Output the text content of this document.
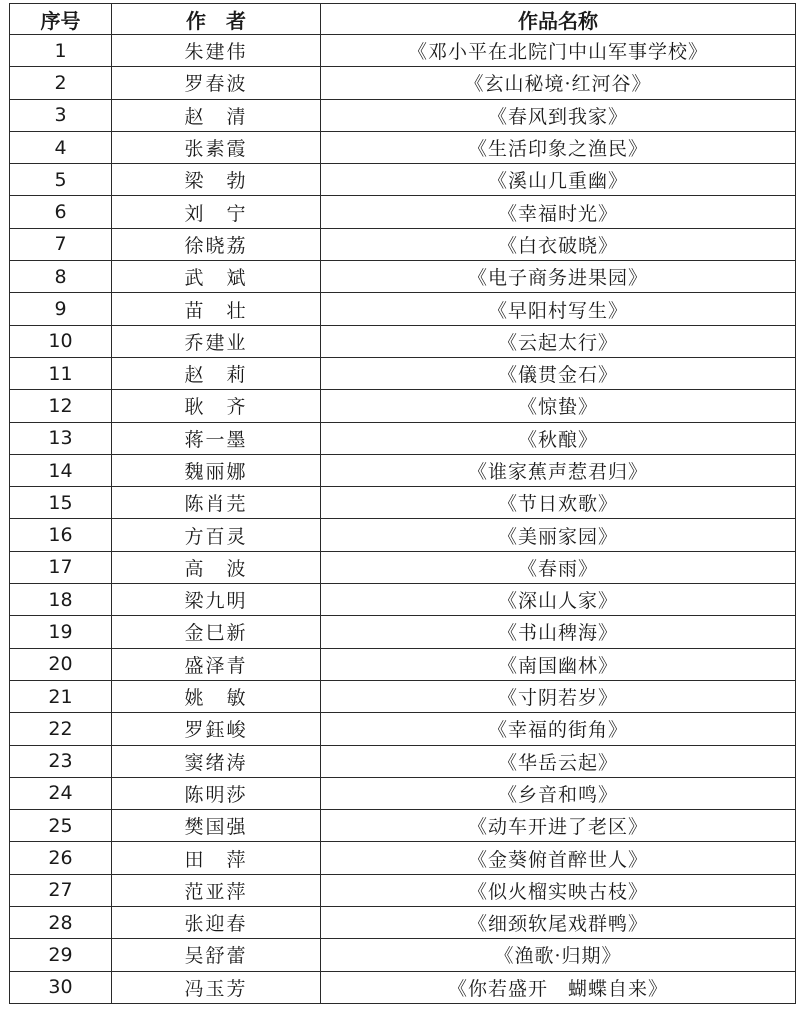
序号	作　者	作品名称
1	朱建伟	《邓小平在北院门中山军事学校》
2	罗春波	《玄山秘境·红河谷》
3	赵　清	《春风到我家》
4	张素霞	《生活印象之渔民》
5	梁　勃	《溪山几重幽》
6	刘　宁	《幸福时光》
7	徐晓荔	《白衣破晓》
8	武　斌	《电子商务进果园》
9	苗　壮	《早阳村写生》
10	乔建业	《云起太行》
11	赵　莉	《儀贯金石》
12	耿　齐	《惊蛰》
13	蒋一墨	《秋酿》
14	魏丽娜	《谁家蕉声惹君归》
15	陈肖芫	《节日欢歌》
16	方百灵	《美丽家园》
17	高　波	《春雨》
18	梁九明	《深山人家》
19	金巳新	《书山稗海》
20	盛泽青	《南国幽林》
21	姚　敏	《寸阴若岁》
22	罗鈺峻	《幸福的街角》
23	窦绪涛	《华岳云起》
24	陈明莎	《乡音和鸣》
25	樊国强	《动车开进了老区》
26	田　萍	《金葵俯首醉世人》
27	范亚萍	《似火榴实映古枝》
28	张迎春	《细颈软尾戏群鸭》
29	吴舒蕾	《渔歌·归期》
30	冯玉芳	《你若盛开　蝴蝶自来》
